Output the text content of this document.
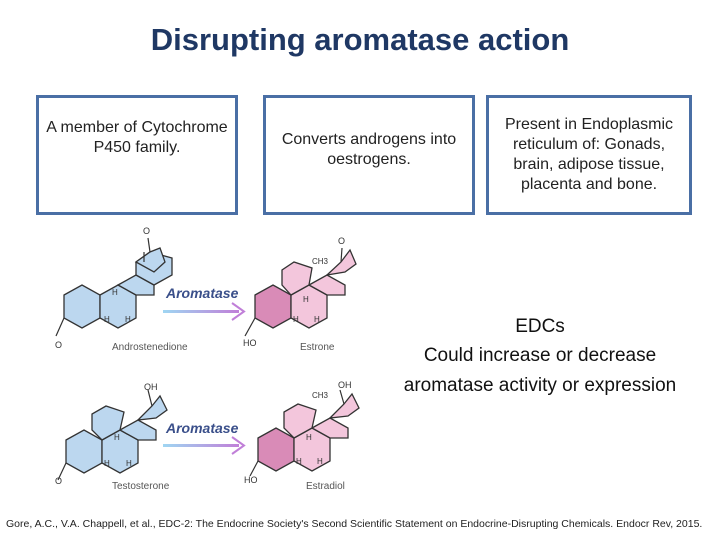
Disrupting aromatase action
A member of Cytochrome P450 family.	Converts androgens into oestrogens.
Present in Endoplasmic reticulum of: Gonads, brain, adipose tissue, placenta and bone.
O
O
H
H H
Androstenedione
Aromatase
HO
O
CH3
H
H H
Estrone
O
OH
H
H H
Testosterone
Aromatase
HO
OH
CH3
H
H H
Estradiol
EDCs
Could increase or decrease
aromatase activity or expression
Gore, A.C., V.A. Chappell, et al., EDC-2: The Endocrine Society's Second Scientific Statement on Endocrine-Disrupting Chemicals. Endocr Rev, 2015.
